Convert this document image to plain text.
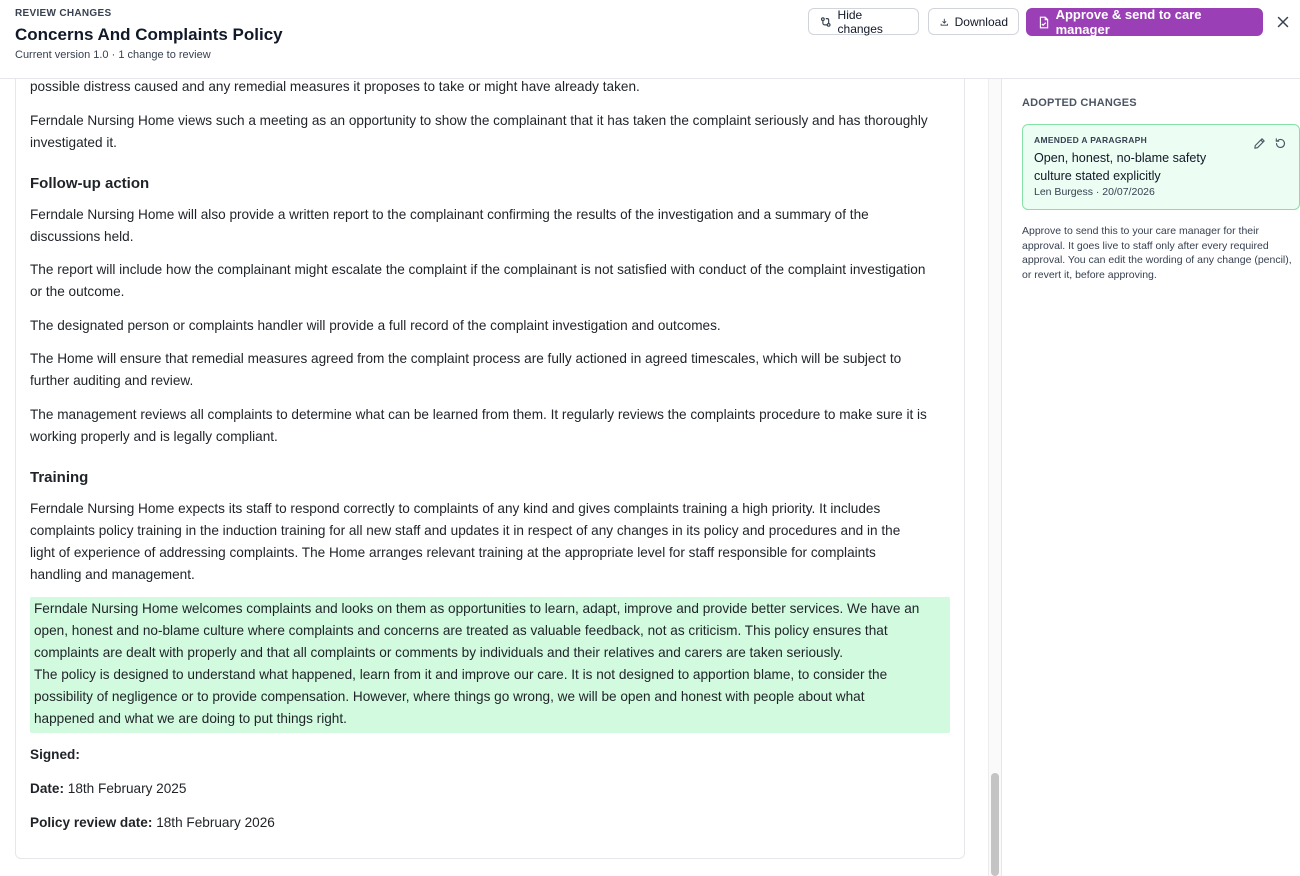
REVIEW CHANGES
Concerns And Complaints Policy
Current version 1.0 · 1 change to review
Hide changes	Download	Approve & send to care manager
possible distress caused and any remedial measures it proposes to take or might have already taken.
Ferndale Nursing Home views such a meeting as an opportunity to show the complainant that it has taken the complaint seriously and has thoroughly
investigated it.
Follow-up action
Ferndale Nursing Home will also provide a written report to the complainant confirming the results of the investigation and a summary of the
discussions held.
The report will include how the complainant might escalate the complaint if the complainant is not satisfied with conduct of the complaint investigation
or the outcome.
The designated person or complaints handler will provide a full record of the complaint investigation and outcomes.
The Home will ensure that remedial measures agreed from the complaint process are fully actioned in agreed timescales, which will be subject to
further auditing and review.
The management reviews all complaints to determine what can be learned from them. It regularly reviews the complaints procedure to make sure it is
working properly and is legally compliant.
Training
Ferndale Nursing Home expects its staff to respond correctly to complaints of any kind and gives complaints training a high priority. It includes
complaints policy training in the induction training for all new staff and updates it in respect of any changes in its policy and procedures and in the
light of experience of addressing complaints. The Home arranges relevant training at the appropriate level for staff responsible for complaints
handling and management.

Ferndale Nursing Home welcomes complaints and looks on them as opportunities to learn, adapt, improve and provide better services. We have an

open, honest and no-blame culture where complaints and concerns are treated as valuable feedback, not as criticism. This policy ensures that

complaints are dealt with properly and that all complaints or comments by individuals and their relatives and carers are taken seriously.

The policy is designed to understand what happened, learn from it and improve our care. It is not designed to apportion blame, to consider the

possibility of negligence or to provide compensation. However, where things go wrong, we will be open and honest with people about what

happened and what we are doing to put things right.

Signed:
Date: 18th February 2025
Policy review date: 18th February 2026
ADOPTED CHANGES
AMENDED A PARAGRAPH
Open, honest, no-blame safety culture stated explicitly
Len Burgess · 20/07/2026
Approve to send this to your care manager for their approval. It goes live to staff only after every required approval. You can edit the wording of any change (pencil), or revert it, before approving.
